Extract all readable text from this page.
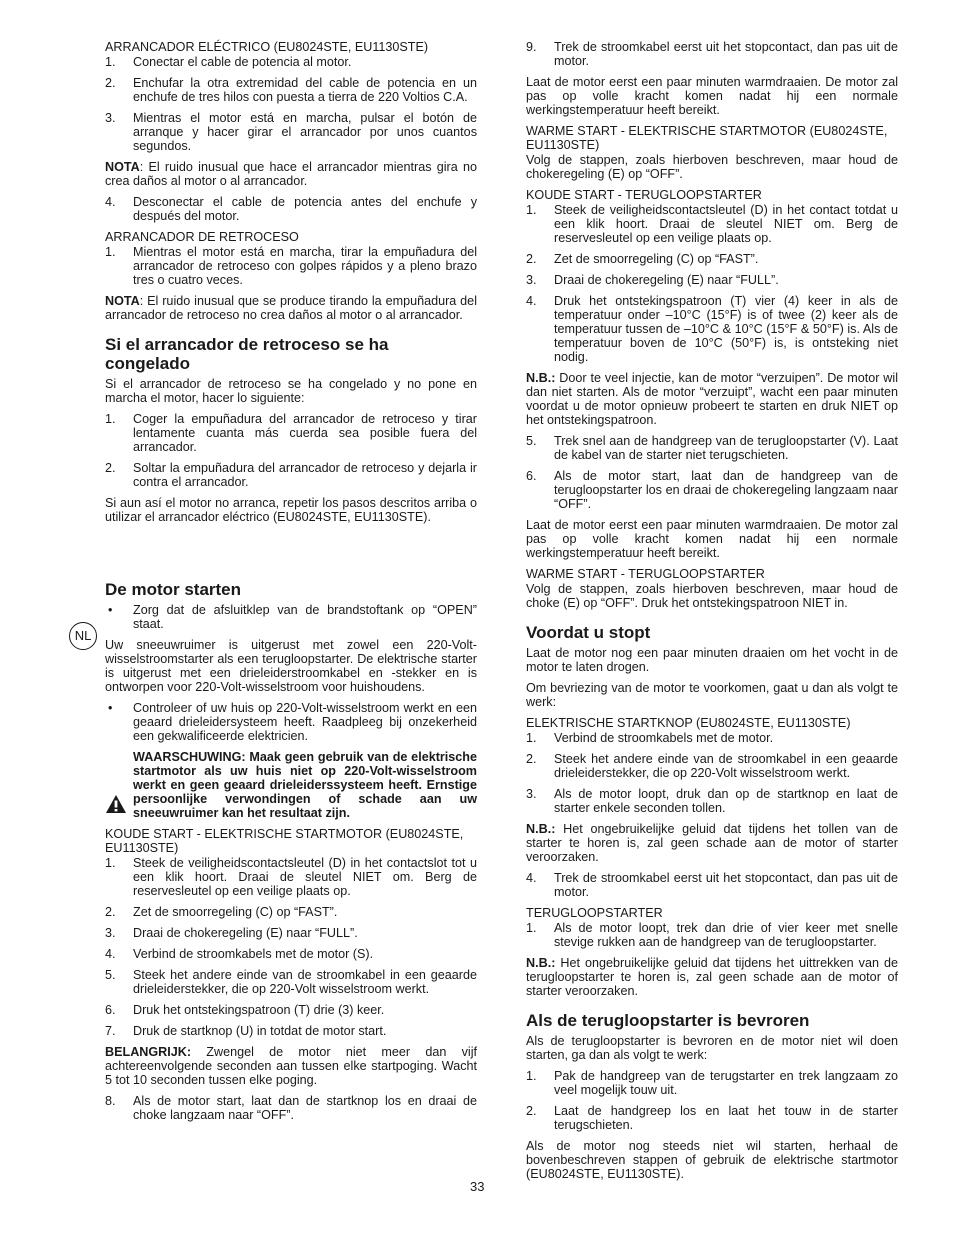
ARRANCADOR ELÉCTRICO (EU8024STE, EU1130STE)

1. Conectar el cable de potencia al motor.
2. Enchufar la otra extremidad del cable de potencia en un enchufe de tres hilos con puesta a tierra de 220 Voltios C.A.
3. Mientras el motor está en marcha, pulsar el botón de arranque y hacer girar el arrancador por unos cuantos segundos.

NOTA: El ruido inusual que hace el arrancador mientras gira no crea daños al motor o al arrancador.

4. Desconectar el cable de potencia antes del enchufe y después del motor.

ARRANCADOR DE RETROCESO

1. Mientras el motor está en marcha, tirar la empuñadura del arrancador de retroceso con golpes rápidos y a pleno brazo tres o cuatro veces.

NOTA: El ruido inusual que se produce tirando la empuñadura del arrancador de retroceso no crea daños al motor o al arrancador.

Si el arrancador de retroceso se ha congelado

Si el arrancador de retroceso se ha congelado y no pone en marcha el motor, hacer lo siguiente:

1. Coger la empuñadura del arrancador de retroceso y tirar lentamente cuanta más cuerda sea posible fuera del arrancador.
2. Soltar la empuñadura del arrancador de retroceso y dejarla ir contra el arrancador.

Si aun así el motor no arranca, repetir los pasos descritos arriba o utilizar el arrancador eléctrico (EU8024STE, EU1130STE).

De motor starten
• Zorg dat de afsluitklep van de brandstoftank op “OPEN” staat.

Uw sneeuwruimer is uitgerust met zowel een 220-Volt-wisselstroomstarter als een terugloopstarter. De elektrische starter is uitgerust met een drieleiderstroomkabel en -stekker en is ontworpen voor 220-Volt-wisselstroom voor huishoudens.

• Controleer of uw huis op 220-Volt-wisselstroom werkt en een geaard drieleidersysteem heeft. Raadpleeg bij onzekerheid een gekwalificeerde elektricien.

WAARSCHUWING: Maak geen gebruik van de elektrische startmotor als uw huis niet op 220-Volt-wisselstroom werkt en geen geaard drieleiderssysteem heeft. Ernstige persoonlijke verwondingen of schade aan uw sneeuwruimer kan het resultaat zijn.

KOUDE START - ELEKTRISCHE STARTMOTOR (EU8024STE, EU1130STE)

1. Steek de veiligheidscontactsleutel (D) in het contactslot tot u een klik hoort. Draai de sleutel NIET om. Berg de reservesleutel op een veilige plaats op.
2. Zet de smoorregeling (C) op “FAST”.
3. Draai de chokeregeling (E) naar “FULL”.
4. Verbind de stroomkabels met de motor (S).
5. Steek het andere einde van de stroomkabel in een geaarde drieleiderstekker, die op 220-Volt wisselstroom werkt.
6. Druk het ontstekingspatroon (T) drie (3) keer.
7. Druk de startknop (U) in totdat de motor start.

BELANGRIJK: Zwengel de motor niet meer dan vijf achtereenvolgende seconden aan tussen elke startpoging. Wacht 5 tot 10 seconden tussen elke poging.

8. Als de motor start, laat dan de startknop los en draai de choke langzaam naar “OFF”.
NL
9. Trek de stroomkabel eerst uit het stopcontact, dan pas uit de motor.

Laat de motor eerst een paar minuten warmdraaien. De motor zal pas op volle kracht komen nadat hij een normale werkingstemperatuur heeft bereikt.

WARME START - ELEKTRISCHE STARTMOTOR (EU8024STE, EU1130STE)

Volg de stappen, zoals hierboven beschreven, maar houd de chokeregeling (E) op “OFF”.

KOUDE START - TERUGLOOPSTARTER

1. Steek de veiligheidscontactsleutel (D) in het contact totdat u een klik hoort. Draai de sleutel NIET om. Berg de reservesleutel op een veilige plaats op.
2. Zet de smoorregeling (C) op “FAST”.
3. Draai de chokeregeling (E) naar “FULL”.
4. Druk het ontstekingspatroon (T) vier (4) keer in als de temperatuur onder –10°C (15°F) is of twee (2) keer als de temperatuur tussen de –10°C & 10°C (15°F & 50°F) is. Als de temperatuur boven de 10°C (50°F) is, is ontsteking niet nodig.

N.B.: Door te veel injectie, kan de motor “verzuipen”. De motor wil dan niet starten. Als de motor “verzuipt”, wacht een paar minuten voordat u de motor opnieuw probeert te starten en druk NIET op het ontstekingspatroon.

5. Trek snel aan de handgreep van de terugloopstarter (V). Laat de kabel van de starter niet terugschieten.
6. Als de motor start, laat dan de handgreep van de terugloopstarter los en draai de chokeregeling langzaam naar “OFF”.

Laat de motor eerst een paar minuten warmdraaien. De motor zal pas op volle kracht komen nadat hij een normale werkingstemperatuur heeft bereikt.

WARME START - TERUGLOOPSTARTER

Volg de stappen, zoals hierboven beschreven, maar houd de choke (E) op “OFF”. Druk het ontstekingspatroon NIET in.

Voordat u stopt

Laat de motor nog een paar minuten draaien om het vocht in de motor te laten drogen.

Om bevriezing van de motor te voorkomen, gaat u dan als volgt te werk:

ELEKTRISCHE STARTKNOP (EU8024STE, EU1130STE)

1. Verbind de stroomkabels met de motor.
2. Steek het andere einde van de stroomkabel in een geaarde drieleiderstekker, die op 220-Volt wisselstroom werkt.
3. Als de motor loopt, druk dan op de startknop en laat de starter enkele seconden tollen.

N.B.: Het ongebruikelijke geluid dat tijdens het tollen van de starter te horen is, zal geen schade aan de motor of starter veroorzaken.

4. Trek de stroomkabel eerst uit het stopcontact, dan pas uit de motor.

TERUGLOOPSTARTER

1. Als de motor loopt, trek dan drie of vier keer met snelle stevige rukken aan de handgreep van de terugloopstarter.

N.B.: Het ongebruikelijke geluid dat tijdens het uittrekken van de terugloopstarter te horen is, zal geen schade aan de motor of starter veroorzaken.

Als de terugloopstarter is bevroren

Als de terugloopstarter is bevroren en de motor niet wil doen starten, ga dan als volgt te werk:

1. Pak de handgreep van de terugstarter en trek langzaam zo veel mogelijk touw uit.
2. Laat de handgreep los en laat het touw in de starter terugschieten.

Als de motor nog steeds niet wil starten, herhaal de bovenbeschreven stappen of gebruik de elektrische startmotor (EU8024STE, EU1130STE).

33
